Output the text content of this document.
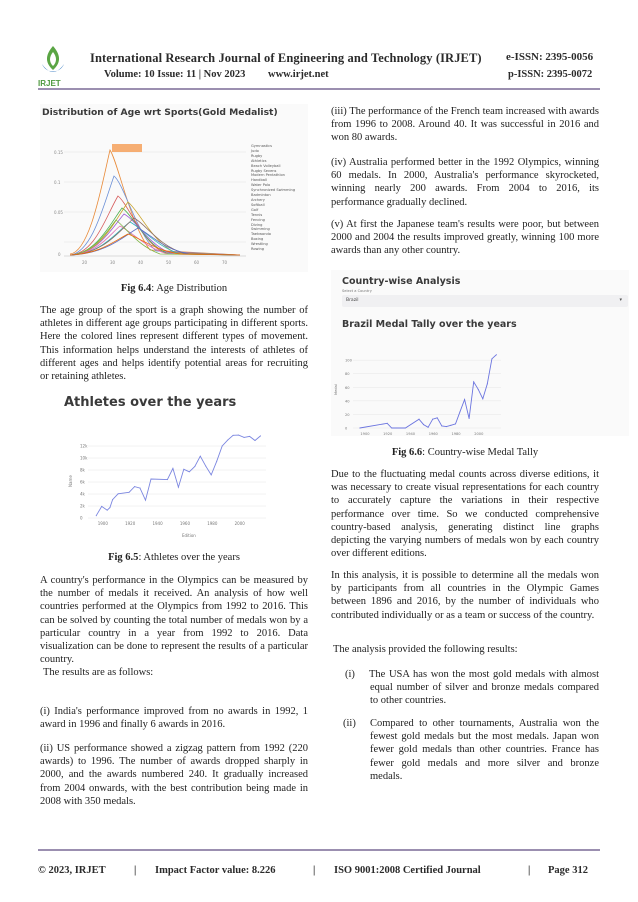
IRJET
International Research Journal of Engineering and Technology (IRJET) e-ISSN: 2395-0056
Volume: 10 Issue: 11 | Nov 2023 www.irjet.net	p-ISSN: 2395-0072
Distribution of Age wrt Sports(Gold Medalist)
0.15
0.1
0.05
0
20	30	40	50	60	70
Gymnastics
Judo
Rugby
Athletics
Beach Volleyball
Rugby Sevens
Modern Pentathlon
Handball
Water Polo
Synchronized Swimming
Badminton
Archery
Softball
Golf
Tennis
Fencing
Diving
Swimming
Taekwondo
Boxing
Wrestling
Rowing
Fig 6.4: Age Distribution
The age group of the sport is a graph showing the number of athletes in different age groups participating in different sports. Here the colored lines represent different types of movement. This information helps understand the interests of athletes of different ages and helps identify potential areas for recruiting or retaining athletes.
Athletes over the years
0
2k
4k
6k
8k
10k
12k
1900	1920	1940	1960	1980	2000
Edition
Name
Fig 6.5: Athletes over the years
A country's performance in the Olympics can be measured by the number of medals it received. An analysis of how well countries performed at the Olympics from 1992 to 2016. This can be solved by counting the total number of medals won by a particular country in a year from 1992 to 2016. Data visualization can be done to represent the results of a particular country.
The results are as follows:
(i) India's performance improved from no awards in 1992, 1 award in 1996 and finally 6 awards in 2016.
(ii) US performance showed a zigzag pattern from 1992 (220 awards) to 1996. The number of awards dropped sharply in 2000, and the awards numbered 240. It gradually increased from 2004 onwards, with the best contribution being made in 2008 with 350 medals.
(iii) The performance of the French team increased with awards from 1996 to 2008. Around 40. It was successful in 2016 and won 80 awards.
(iv) Australia performed better in the 1992 Olympics, winning 60 medals. In 2000, Australia's performance skyrocketed, winning nearly 200 awards. From 2004 to 2016, its performance gradually declined.
(v) At first the Japanese team's results were poor, but between 2000 and 2004 the results improved greatly, winning 100 more awards than any other country.
Country-wise Analysis
Select a Country
Brazil	▾
Brazil Medal Tally over the years
0
20
40
60
80
100
1900	1920	1940	1960	1980	2000
Medal
Fig 6.6: Country-wise Medal Tally
Due to the fluctuating medal counts across diverse editions, it was necessary to create visual representations for each country to accurately capture the variations in their respective performance over time. So we conducted comprehensive country-based analysis, generating distinct line graphs depicting the varying numbers of medals won by each country over different editions.
In this analysis, it is possible to determine all the medals won by participants from all countries in the Olympic Games between 1896 and 2016, by the number of individuals who contributed individually or as a team or success of the country.
The analysis provided the following results:
(i)	The USA has won the most gold medals with almost equal number of silver and bronze medals compared to other countries.
(ii)	Compared to other tournaments, Australia won the fewest gold medals but the most medals. Japan won fewer gold medals than other countries. France has fewer gold medals and more silver and bronze medals.
© 2023, IRJET	| Impact Factor value: 8.226	| ISO 9001:2008 Certified Journal	| Page 312
